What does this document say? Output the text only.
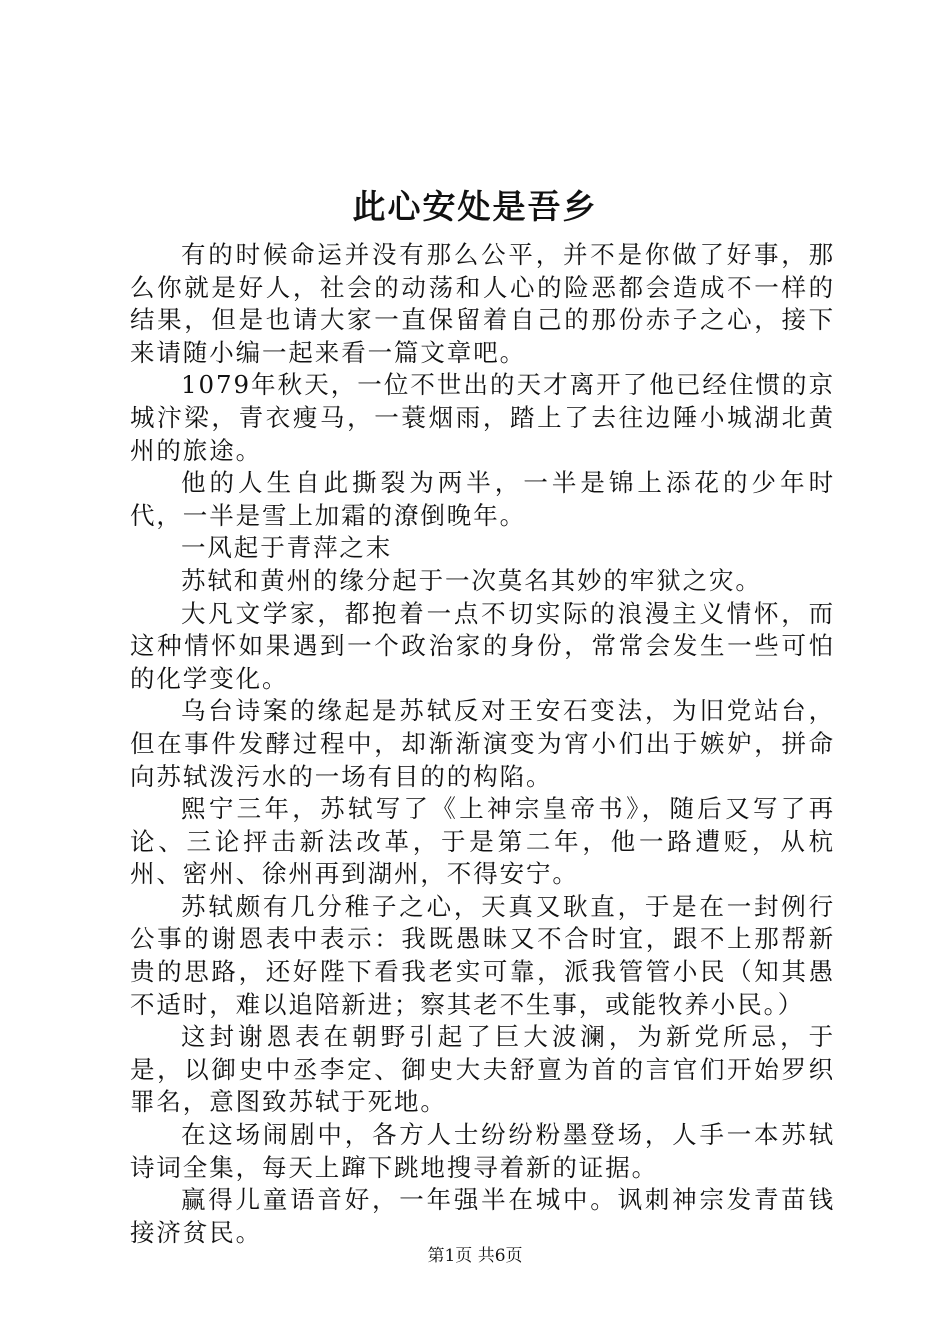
此心安处是吾乡

有的时候命运并没有那么公平，并不是你做了好事，那么你就是好人，社会的动荡和人心的险恶都会造成不一样的结果，但是也请大家一直保留着自己的那份赤子之心，接下来请随小编一起来看一篇文章吧。

1079年秋天，一位不世出的天才离开了他已经住惯的京城汴梁，青衣瘦马，一蓑烟雨，踏上了去往边陲小城湖北黄州的旅途。

他的人生自此撕裂为两半，一半是锦上添花的少年时代，一半是雪上加霜的潦倒晚年。

一风起于青萍之末

苏轼和黄州的缘分起于一次莫名其妙的牢狱之灾。

大凡文学家，都抱着一点不切实际的浪漫主义情怀，而这种情怀如果遇到一个政治家的身份，常常会发生一些可怕的化学变化。

乌台诗案的缘起是苏轼反对王安石变法，为旧党站台，但在事件发酵过程中，却渐渐演变为宵小们出于嫉妒，拼命向苏轼泼污水的一场有目的的构陷。

熙宁三年，苏轼写了《上神宗皇帝书》，随后又写了再论、三论抨击新法改革，于是第二年，他一路遭贬，从杭州、密州、徐州再到湖州，不得安宁。

苏轼颇有几分稚子之心，天真又耿直，于是在一封例行公事的谢恩表中表示：我既愚昧又不合时宜，跟不上那帮新贵的思路，还好陛下看我老实可靠，派我管管小民（知其愚不适时，难以追陪新进；察其老不生事，或能牧养小民。）

这封谢恩表在朝野引起了巨大波澜，为新党所忌，于是，以御史中丞李定、御史大夫舒亶为首的言官们开始罗织罪名，意图致苏轼于死地。

在这场闹剧中，各方人士纷纷粉墨登场，人手一本苏轼诗词全集，每天上蹿下跳地搜寻着新的证据。

赢得儿童语音好，一年强半在城中。讽刺神宗发青苗钱接济贫民。

第1页 共6页
